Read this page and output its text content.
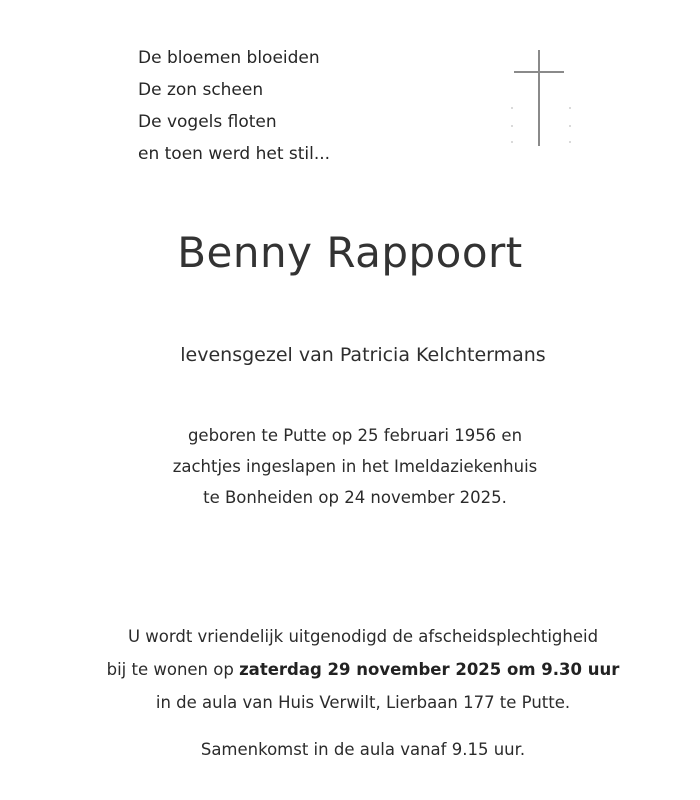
De bloemen bloeiden
De zon scheen
De vogels floten
en toen werd het stil...
Benny Rappoort
levensgezel van Patricia Kelchtermans
geboren te Putte op 25 februari 1956 en
zachtjes ingeslapen in het Imeldaziekenhuis
te Bonheiden op 24 november 2025.
U wordt vriendelijk uitgenodigd de afscheidsplechtigheid
bij te wonen op zaterdag 29 november 2025 om 9.30 uur
in de aula van Huis Verwilt, Lierbaan 177 te Putte.
Samenkomst in de aula vanaf 9.15 uur.
